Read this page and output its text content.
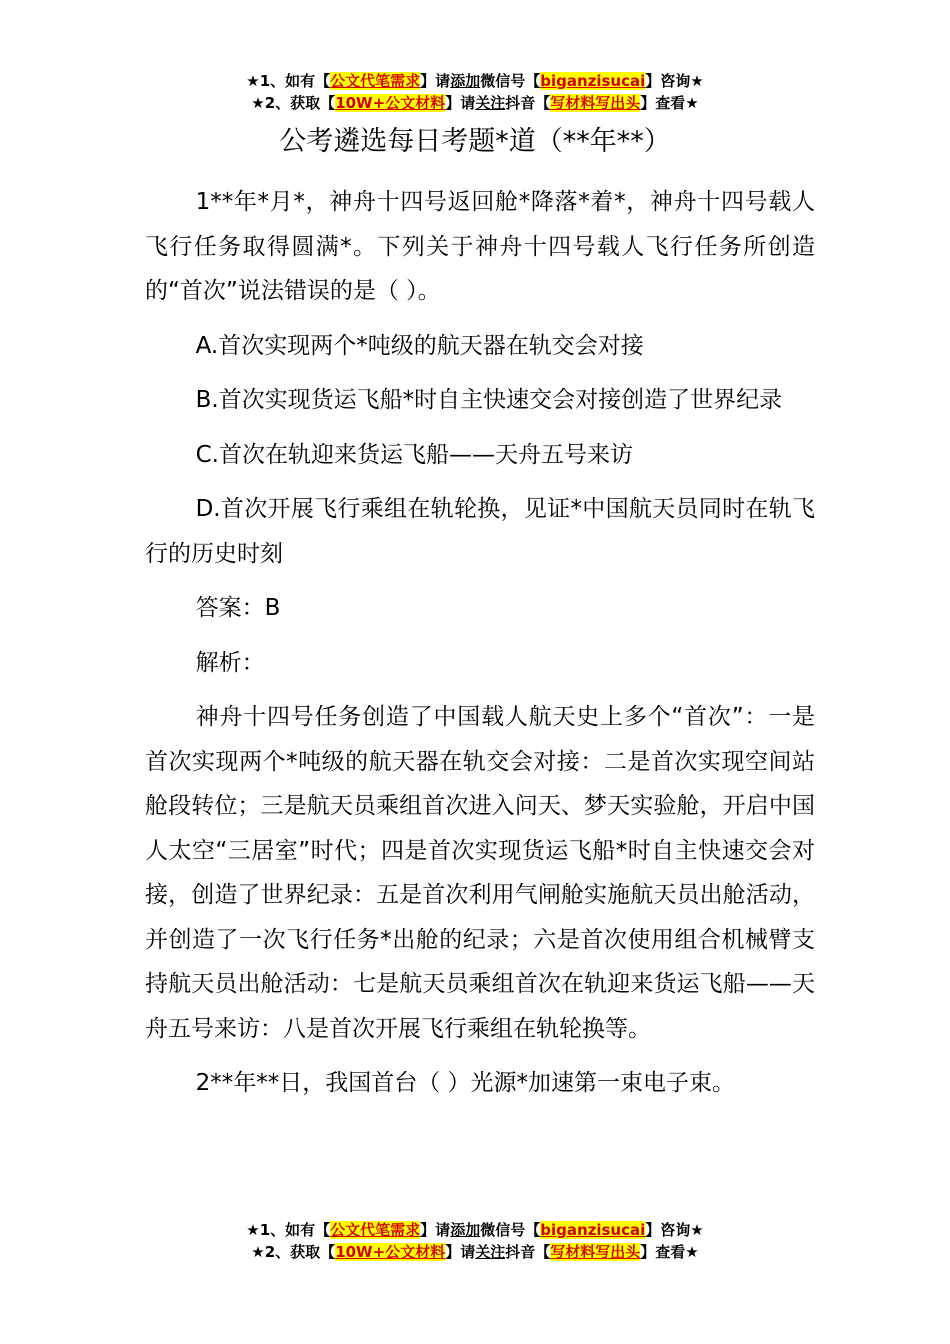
★1、如有【公文代笔需求】请添加微信号【biganzisucai】咨询★
★2、获取【10W+公文材料】请关注抖音【写材料写出头】查看★
公考遴选每日考题*道（**年**）

1**年*月*，神舟十四号返回舱*降落*着*，神舟十四号载人飞行任务取得圆满*。下列关于神舟十四号载人飞行任务所创造的“首次”说法错误的是（ ）。

A.首次实现两个*吨级的航天器在轨交会对接

B.首次实现货运飞船*时自主快速交会对接创造了世界纪录

C.首次在轨迎来货运飞船——天舟五号来访

D.首次开展飞行乘组在轨轮换，见证*中国航天员同时在轨飞行的历史时刻

答案：B

解析：

神舟十四号任务创造了中国载人航天史上多个“首次”：一是首次实现两个*吨级的航天器在轨交会对接：二是首次实现空间站舱段转位；三是航天员乘组首次进入问天、梦天实验舱，开启中国人太空“三居室”时代；四是首次实现货运飞船*时自主快速交会对接，创造了世界纪录：五是首次利用气闸舱实施航天员出舱活动，并创造了一次飞行任务*出舱的纪录；六是首次使用组合机械臂支持航天员出舱活动：七是航天员乘组首次在轨迎来货运飞船——天舟五号来访：八是首次开展飞行乘组在轨轮换等。

2**年**日，我国首台（ ）光源*加速第一束电子束。

★1、如有【公文代笔需求】请添加微信号【biganzisucai】咨询★
★2、获取【10W+公文材料】请关注抖音【写材料写出头】查看★
